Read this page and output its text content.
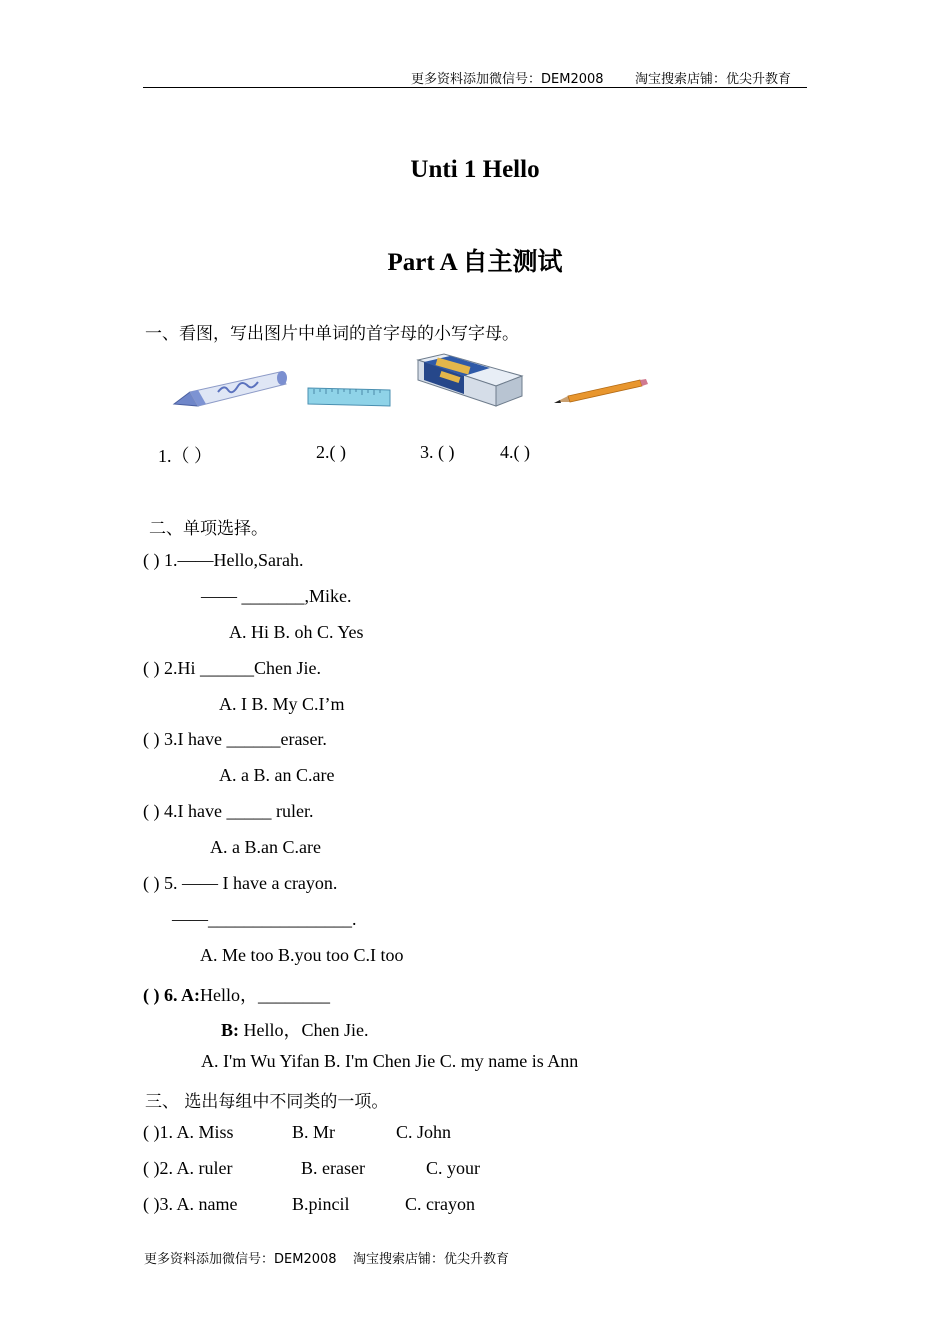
更多资料添加微信号：DEM2008 淘宝搜索店铺：优尖升教育
Unti 1 Hello
Part A 自主测试
一、看图，写出图片中单词的首字母的小写字母。
1.（ ）	2.( )	3. ( )	4.( )
二、单项选择。
( ) 1.——Hello,Sarah.
—— _______,Mike.
A. Hi B. oh C. Yes
( ) 2.Hi ______Chen Jie.
A. I B. My C.I’m
( ) 3.I have ______eraser.
A. a B. an C.are
( ) 4.I have _____ ruler.
A. a B.an C.are
( ) 5. —— I have a crayon.
——________________.
A. Me too B.you too C.I too
( ) 6. A:Hello，________
B: Hello，Chen Jie.
A. I'm Wu Yifan B. I'm Chen Jie C. my name is Ann
三、 选出每组中不同类的一项。
( )1. A. Miss	B. Mr	C. John
( )2. A. ruler	B. eraser	C. your
( )3. A. name	B.pincil	C. crayon
更多资料添加微信号：DEM2008    淘宝搜索店铺：优尖升教育
